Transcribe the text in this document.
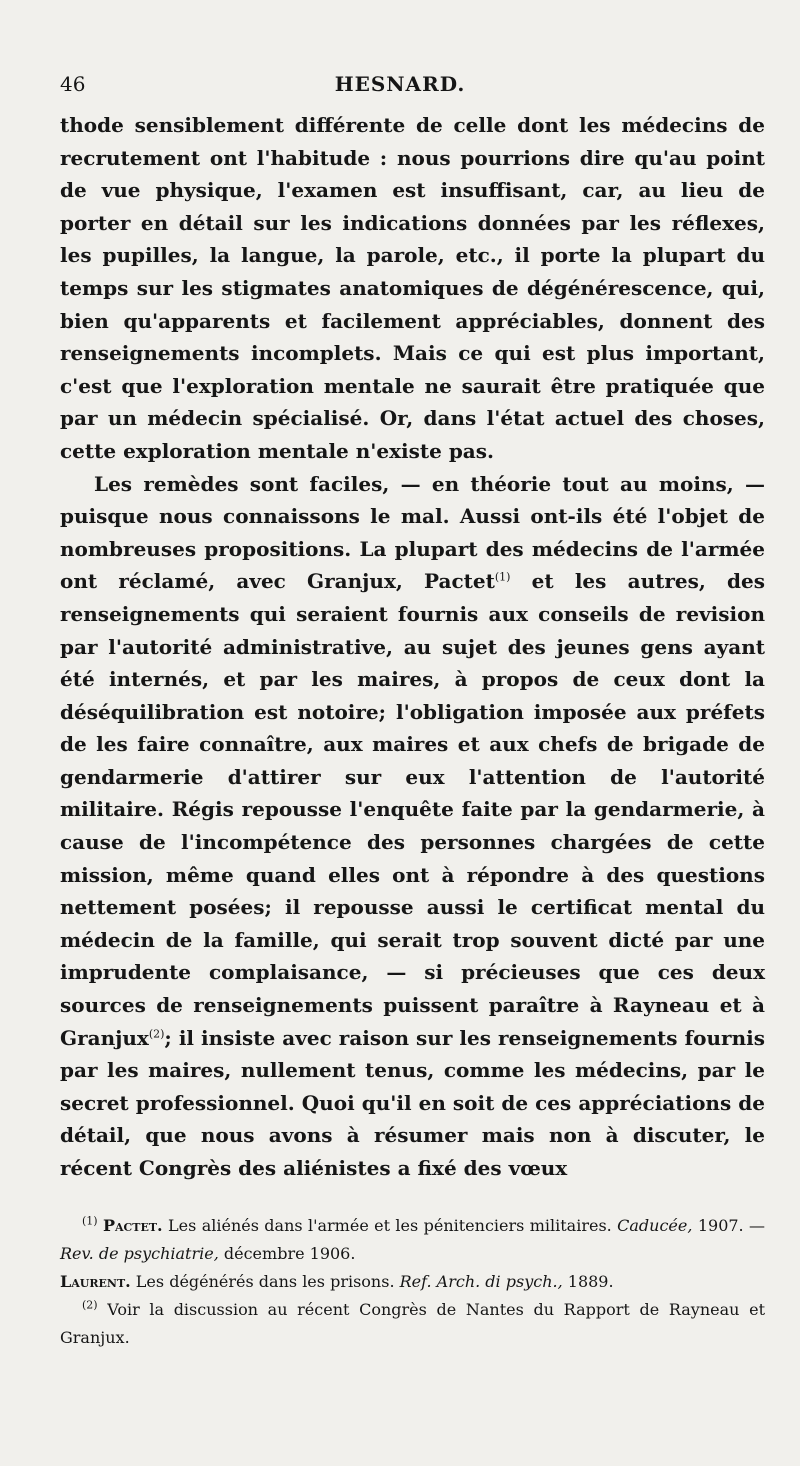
46	HESNARD.

thode sensiblement différente de celle dont les médecins de recrutement ont l'habitude : nous pourrions dire qu'au point de vue physique, l'examen est insuffisant, car, au lieu de porter en détail sur les indications données par les réflexes, les pupilles, la langue, la parole, etc., il porte la plupart du temps sur les stigmates anatomiques de dégénérescence, qui, bien qu'apparents et facilement appréciables, donnent des renseignements incomplets. Mais ce qui est plus important, c'est que l'exploration mentale ne saurait être pratiquée que par un médecin spécialisé. Or, dans l'état actuel des choses, cette exploration mentale n'existe pas.

Les remèdes sont faciles, — en théorie tout au moins, — puisque nous connaissons le mal. Aussi ont-ils été l'objet de nombreuses propositions. La plupart des médecins de l'armée ont réclamé, avec Granjux, Pactet$^{(1)}$ et les autres, des renseignements qui seraient fournis aux conseils de revision par l'autorité administrative, au sujet des jeunes gens ayant été internés, et par les maires, à propos de ceux dont la déséquilibration est notoire; l'obligation imposée aux préfets de les faire connaître, aux maires et aux chefs de brigade de gendarmerie d'attirer sur eux l'attention de l'autorité militaire. Régis repousse l'enquête faite par la gendarmerie, à cause de l'incompétence des personnes chargées de cette mission, même quand elles ont à répondre à des questions nettement posées; il repousse aussi le certificat mental du médecin de la famille, qui serait trop souvent dicté par une imprudente complaisance, — si précieuses que ces deux sources de renseignements puissent paraître à Rayneau et à Granjux$^{(2)}$; il insiste avec raison sur les renseignements fournis par les maires, nullement tenus, comme les médecins, par le secret professionnel. Quoi qu'il en soit de ces appréciations de détail, que nous avons à résumer mais non à discuter, le récent Congrès des aliénistes a fixé des vœux

$^{(1)}$ Pactet. Les aliénés dans l'armée et les pénitenciers militaires. Caducée, 1907. — Rev. de psychiatrie, décembre 1906.

Laurent. Les dégénérés dans les prisons. Ref. Arch. di psych., 1889.

$^{(2)}$ Voir la discussion au récent Congrès de Nantes du Rapport de Rayneau et Granjux.
